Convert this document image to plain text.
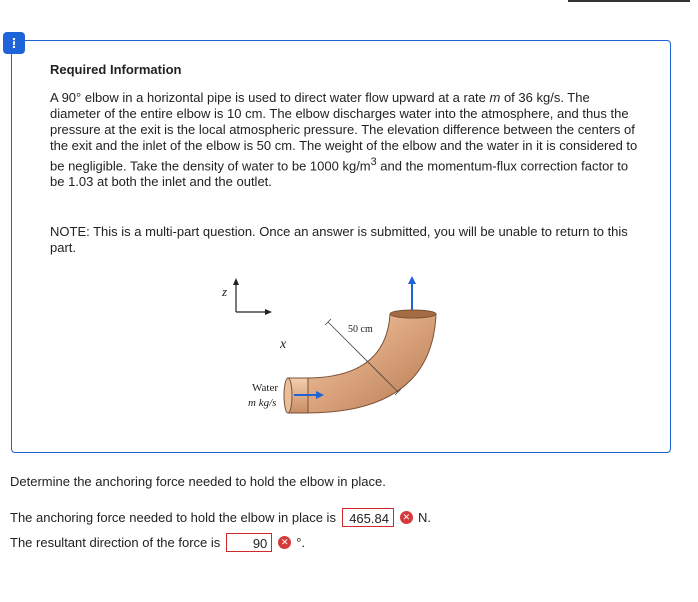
!
Required Information

A 90° elbow in a horizontal pipe is used to direct water flow upward at a rate m of 36 kg/s. The diameter of the entire elbow is 10 cm. The elbow discharges water into the atmosphere, and thus the pressure at the exit is the local atmospheric pressure. The elevation difference between the centers of the exit and the inlet of the elbow is 50 cm. The weight of the elbow and the water in it is considered to be negligible. Take the density of water to be 1000 $kg/m^3$ and the momentum-flux correction factor to be 1.03 at both the inlet and the outlet.

NOTE: This is a multi-part question. Once an answer is submitted, you will be unable to return to this part.

z
x
50 cm
Water
m kg/s
Determine the anchoring force needed to hold the elbow in place.
The anchoring force needed to hold the elbow in place is	465.84	✕ N.
The resultant direction of the force is	90	✕ °.
